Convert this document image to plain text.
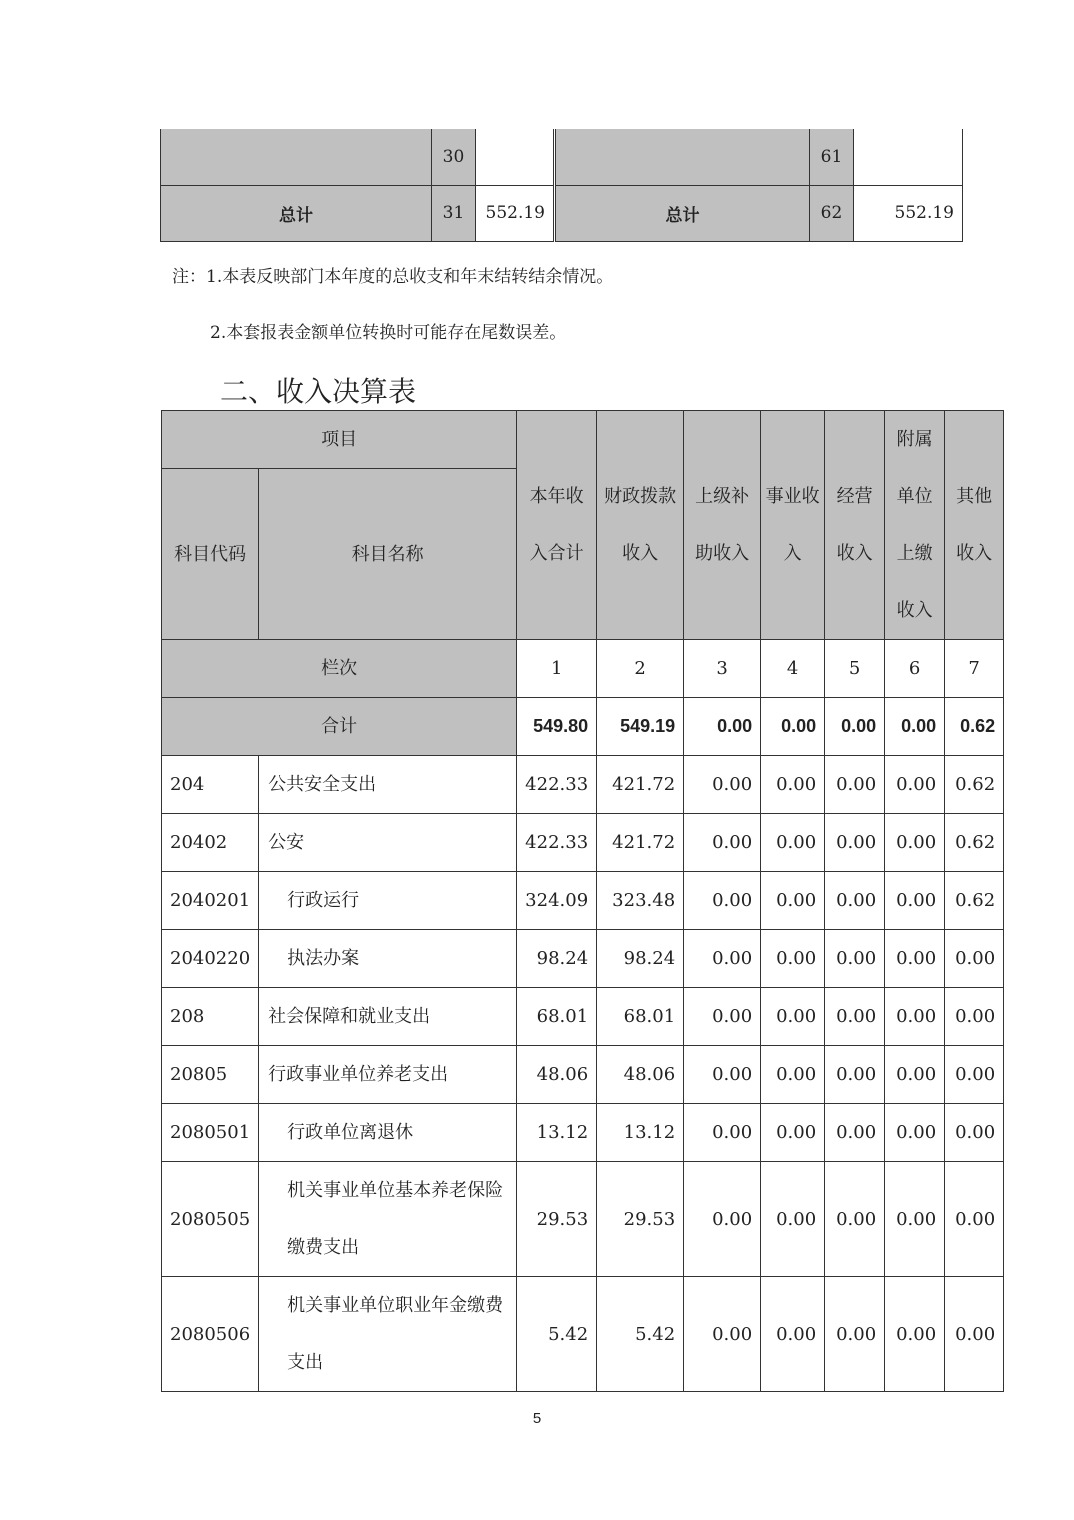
	30				61	
总计	31	552.19		总计	62	552.19
注：1.本表反映部门本年度的总收支和年末结转结余情况。
2.本套报表金额单位转换时可能存在尾数误差。
二、收入决算表
项目		本年收入合计	财政拨款收入	上级补助收入	事业收入	经营收入	附属单位上缴收入	其他收入
科目代码	科目名称							
栏次		1	2	3	4	5	6	7
合计		549.80	549.19	0.00	0.00	0.00	0.00	0.62
204	公共安全支出	422.33	421.72	0.00	0.00	0.00	0.00	0.62
20402	公安	422.33	421.72	0.00	0.00	0.00	0.00	0.62
2040201	行政运行	324.09	323.48	0.00	0.00	0.00	0.00	0.62
2040220	执法办案	98.24	98.24	0.00	0.00	0.00	0.00	0.00
208	社会保障和就业支出	68.01	68.01	0.00	0.00	0.00	0.00	0.00
20805	行政事业单位养老支出	48.06	48.06	0.00	0.00	0.00	0.00	0.00
2080501	行政单位离退休	13.12	13.12	0.00	0.00	0.00	0.00	0.00
2080505	机关事业单位基本养老保险缴费支出	29.53	29.53	0.00	0.00	0.00	0.00	0.00
2080506	机关事业单位职业年金缴费支出	5.42	5.42	0.00	0.00	0.00	0.00	0.00
5
